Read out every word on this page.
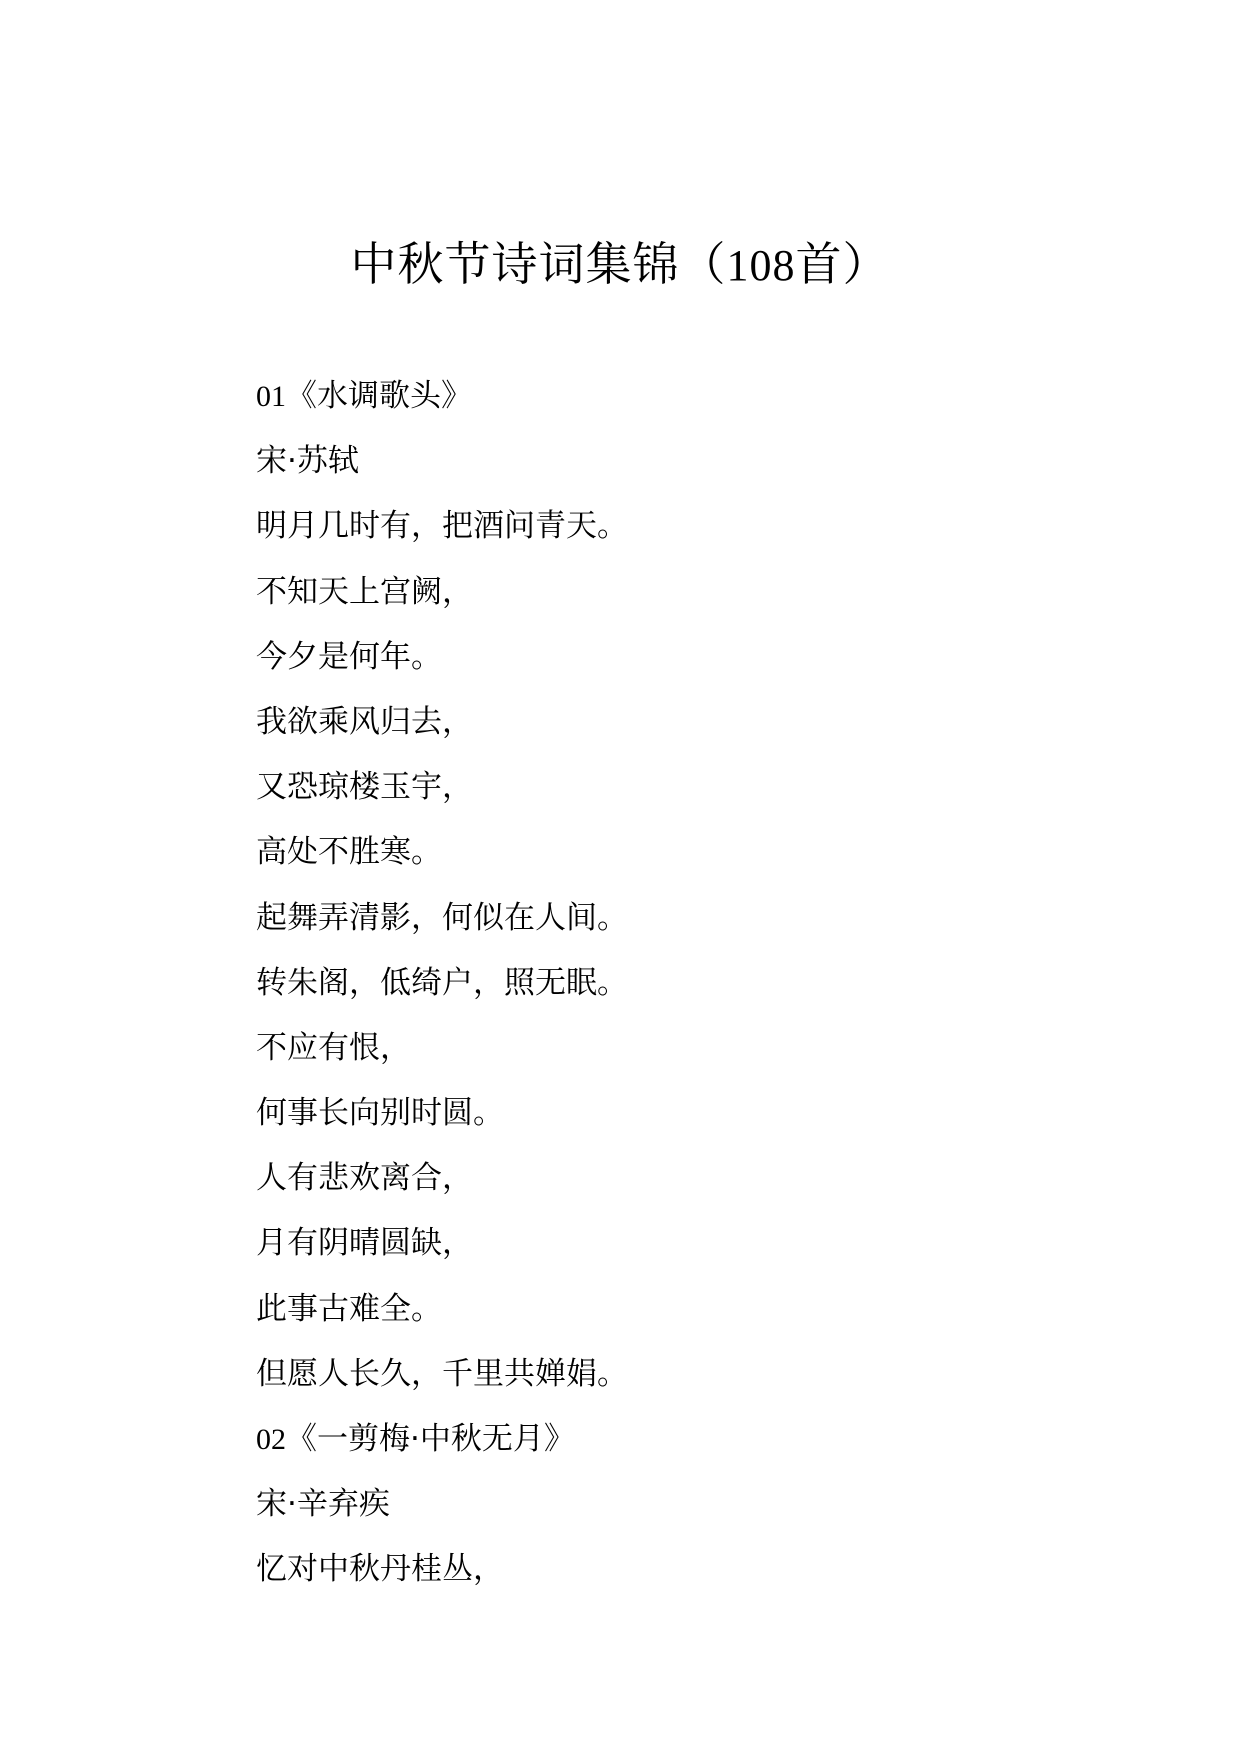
中秋节诗词集锦（108首）
01《水调歌头》
宋·苏轼
明月几时有，把酒问青天。
不知天上宫阙，
今夕是何年。
我欲乘风归去，
又恐琼楼玉宇，
高处不胜寒。
起舞弄清影，何似在人间。
转朱阁，低绮户，照无眠。
不应有恨，
何事长向别时圆。
人有悲欢离合，
月有阴晴圆缺，
此事古难全。
但愿人长久，千里共婵娟。
02《一剪梅·中秋无月》
宋·辛弃疾
忆对中秋丹桂丛，
